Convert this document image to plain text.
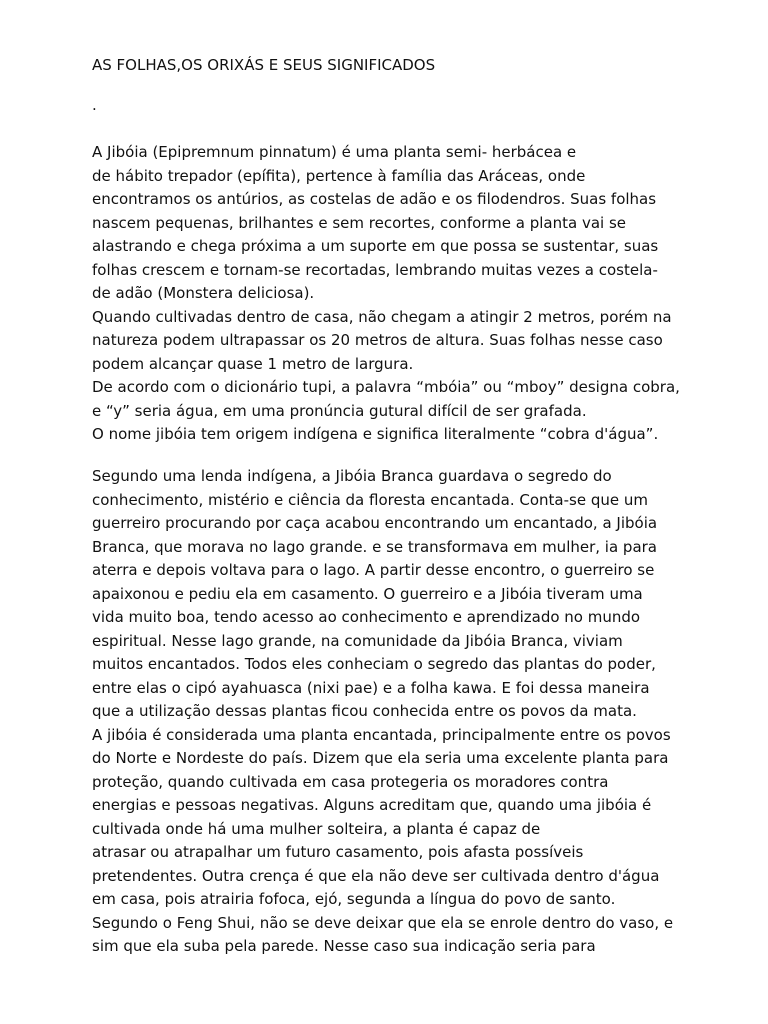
AS FOLHAS,OS ORIXÁS E SEUS SIGNIFICADOS
.
A Jibóia (Epipremnum pinnatum) é uma planta semi- herbácea e
de hábito trepador (epífita), pertence à família das Aráceas, onde
encontramos os antúrios, as costelas de adão e os filodendros. Suas folhas
nascem pequenas, brilhantes e sem recortes, conforme a planta vai se
alastrando e chega próxima a um suporte em que possa se sustentar, suas
folhas crescem e tornam-se recortadas, lembrando muitas vezes a costela-
de adão (Monstera deliciosa).
Quando cultivadas dentro de casa, não chegam a atingir 2 metros, porém na
natureza podem ultrapassar os 20 metros de altura. Suas folhas nesse caso
podem alcançar quase 1 metro de largura.
De acordo com o dicionário tupi, a palavra “mbóia” ou “mboy” designa cobra,
e “y” seria água, em uma pronúncia gutural difícil de ser grafada.
O nome jibóia tem origem indígena e significa literalmente “cobra d'água”.
Segundo uma lenda indígena, a Jibóia Branca guardava o segredo do
conhecimento, mistério e ciência da floresta encantada. Conta-se que um
guerreiro procurando por caça acabou encontrando um encantado, a Jibóia
Branca, que morava no lago grande. e se transformava em mulher, ia para
aterra e depois voltava para o lago. A partir desse encontro, o guerreiro se
apaixonou e pediu ela em casamento. O guerreiro e a Jibóia tiveram uma
vida muito boa, tendo acesso ao conhecimento e aprendizado no mundo
espiritual. Nesse lago grande, na comunidade da Jibóia Branca, viviam
muitos encantados. Todos eles conheciam o segredo das plantas do poder,
entre elas o cipó ayahuasca (nixi pae) e a folha kawa. E foi dessa maneira
que a utilização dessas plantas ficou conhecida entre os povos da mata.
A jibóia é considerada uma planta encantada, principalmente entre os povos
do Norte e Nordeste do país. Dizem que ela seria uma excelente planta para
proteção, quando cultivada em casa protegeria os moradores contra
energias e pessoas negativas. Alguns acreditam que, quando uma jibóia é
cultivada onde há uma mulher solteira, a planta é capaz de
atrasar ou atrapalhar um futuro casamento, pois afasta possíveis
pretendentes. Outra crença é que ela não deve ser cultivada dentro d'água
em casa, pois atrairia fofoca, ejó, segunda a língua do povo de santo.
Segundo o Feng Shui, não se deve deixar que ela se enrole dentro do vaso, e
sim que ela suba pela parede. Nesse caso sua indicação seria para
